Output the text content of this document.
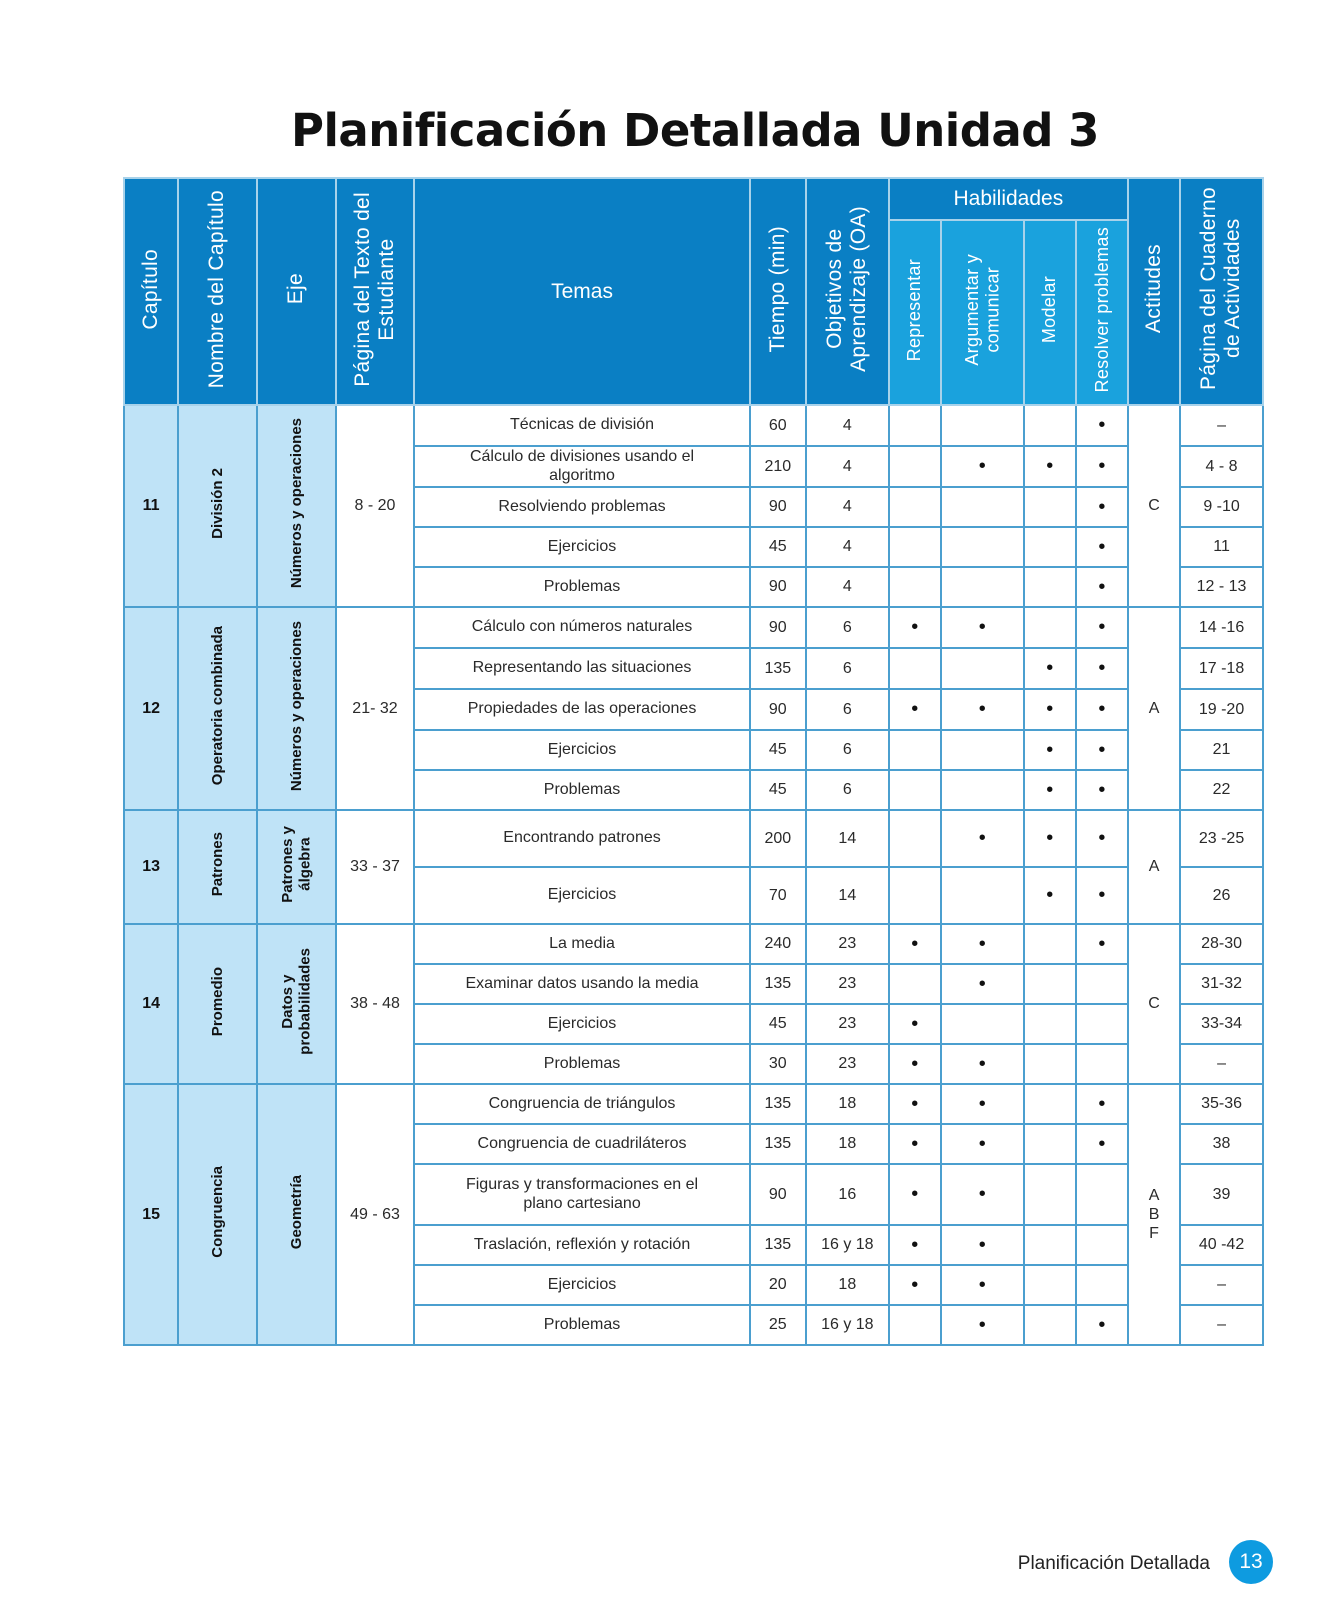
Planificación Detallada Unidad 3
Capítulo	Nombre del Capítulo	Eje	Página del Texto del
Estudiante	Temas	Tiempo (min)	Objetivos de
Aprendizaje (OA)	Habilidades				Actitudes	Página del Cuaderno
de Actividades
							Representar	Argumentar y
comunicar	Modelar	Resolver problemas		
11	División 2	Números y operaciones	8 - 20	Técnicas de división	60	4				•	C	–
				Cálculo de divisiones usando el algoritmo	210	4		•	•	•		4 - 8
				Resolviendo problemas	90	4				•		9 -10
				Ejercicios	45	4				•		11
				Problemas	90	4				•		12 - 13
12	Operatoria combinada	Números y operaciones	21- 32	Cálculo con números naturales	90	6	•	•		•	A	14 -16
				Representando las situaciones	135	6			•	•		17 -18
				Propiedades de las operaciones	90	6	•	•	•	•		19 -20
				Ejercicios	45	6			•	•		21
				Problemas	45	6			•	•		22
13	Patrones	Patrones y
álgebra	33 - 37	Encontrando patrones	200	14		•	•	•	A	23 -25
				Ejercicios	70	14			•	•		26
14	Promedio	Datos y
probabilidades	38 - 48	La media	240	23	•	•		•	C	28-30
				Examinar datos usando la media	135	23		•				31-32
				Ejercicios	45	23	•					33-34
				Problemas	30	23	•	•				–
15	Congruencia	Geometría	49 - 63	Congruencia de triángulos	135	18	•	•		•	A
B
F	35-36
				Congruencia de cuadriláteros	135	18	•	•		•		38
				Figuras y transformaciones en el plano cartesiano	90	16	•	•				39
				Traslación, reflexión y rotación	135	16 y 18	•	•				40 -42
				Ejercicios	20	18	•	•				–
				Problemas	25	16 y 18		•		•		–
Planificación Detallada	13
